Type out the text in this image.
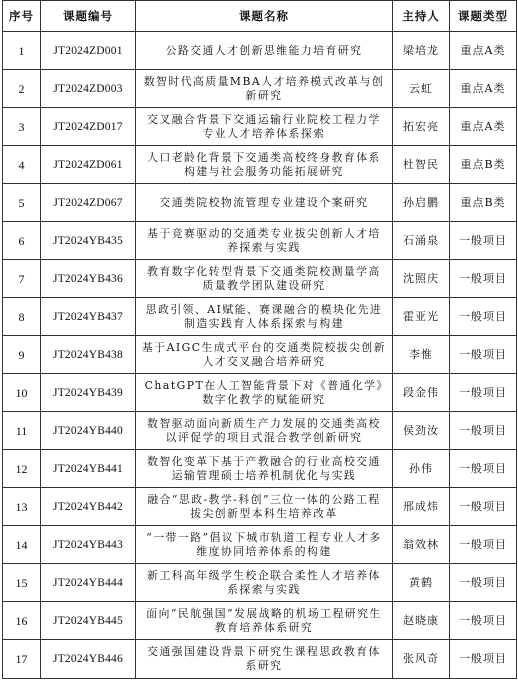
序号	课题编号	课题名称	主持人	课题类型
1	JT2024ZD001	公路交通人才创新思维能力培育研究	梁培龙	重点A类
2	JT2024ZD003	数智时代高质量MBA人才培养模式改革与创新研究	云虹	重点A类
3	JT2024ZD017	交叉融合背景下交通运输行业院校工程力学专业人才培养体系探索	拓宏亮	重点A类
4	JT2024ZD061	人口老龄化背景下交通类高校终身教育体系构建与社会服务功能拓展研究	杜智民	重点B类
5	JT2024ZD067	交通类院校物流管理专业建设个案研究	孙启鹏	重点B类
6	JT2024YB435	基于竞赛驱动的交通类专业拔尖创新人才培养探索与实践	石涌泉	一般项目
7	JT2024YB436	教育数字化转型背景下交通类院校测量学高质量教学团队建设研究	沈照庆	一般项目
8	JT2024YB437	思政引领、AI赋能、赛课融合的模块化先进制造实践育人体系探索与构建	霍亚光	一般项目
9	JT2024YB438	基于AIGC生成式平台的交通类院校拔尖创新人才交叉融合培养研究	李惟	一般项目
10	JT2024YB439	ChatGPT在人工智能背景下对《普通化学》数字化教学的赋能研究	段金伟	一般项目
11	JT2024YB440	数智驱动面向新质生产力发展的交通类高校以评促学的项目式混合教学创新研究	侯劲汝	一般项目
12	JT2024YB441	数智化变革下基于产教融合的行业高校交通运输管理硕士培养机制优化与实践	孙伟	一般项目
13	JT2024YB442	融合“思政-教学-科创”三位一体的公路工程拔尖创新型本科生培养改革	邢成炜	一般项目
14	JT2024YB443	“一带一路”倡议下城市轨道工程专业人才多维度协同培养体系的构建	翁效林	一般项目
15	JT2024YB444	新工科高年级学生校企联合柔性人才培养体系探索与实践	黄鹤	一般项目
16	JT2024YB445	面向“民航强国”发展战略的机场工程研究生教育培养体系研究	赵晓康	一般项目
17	JT2024YB446	交通强国建设背景下研究生课程思政教育体系研究	张风奇	一般项目
